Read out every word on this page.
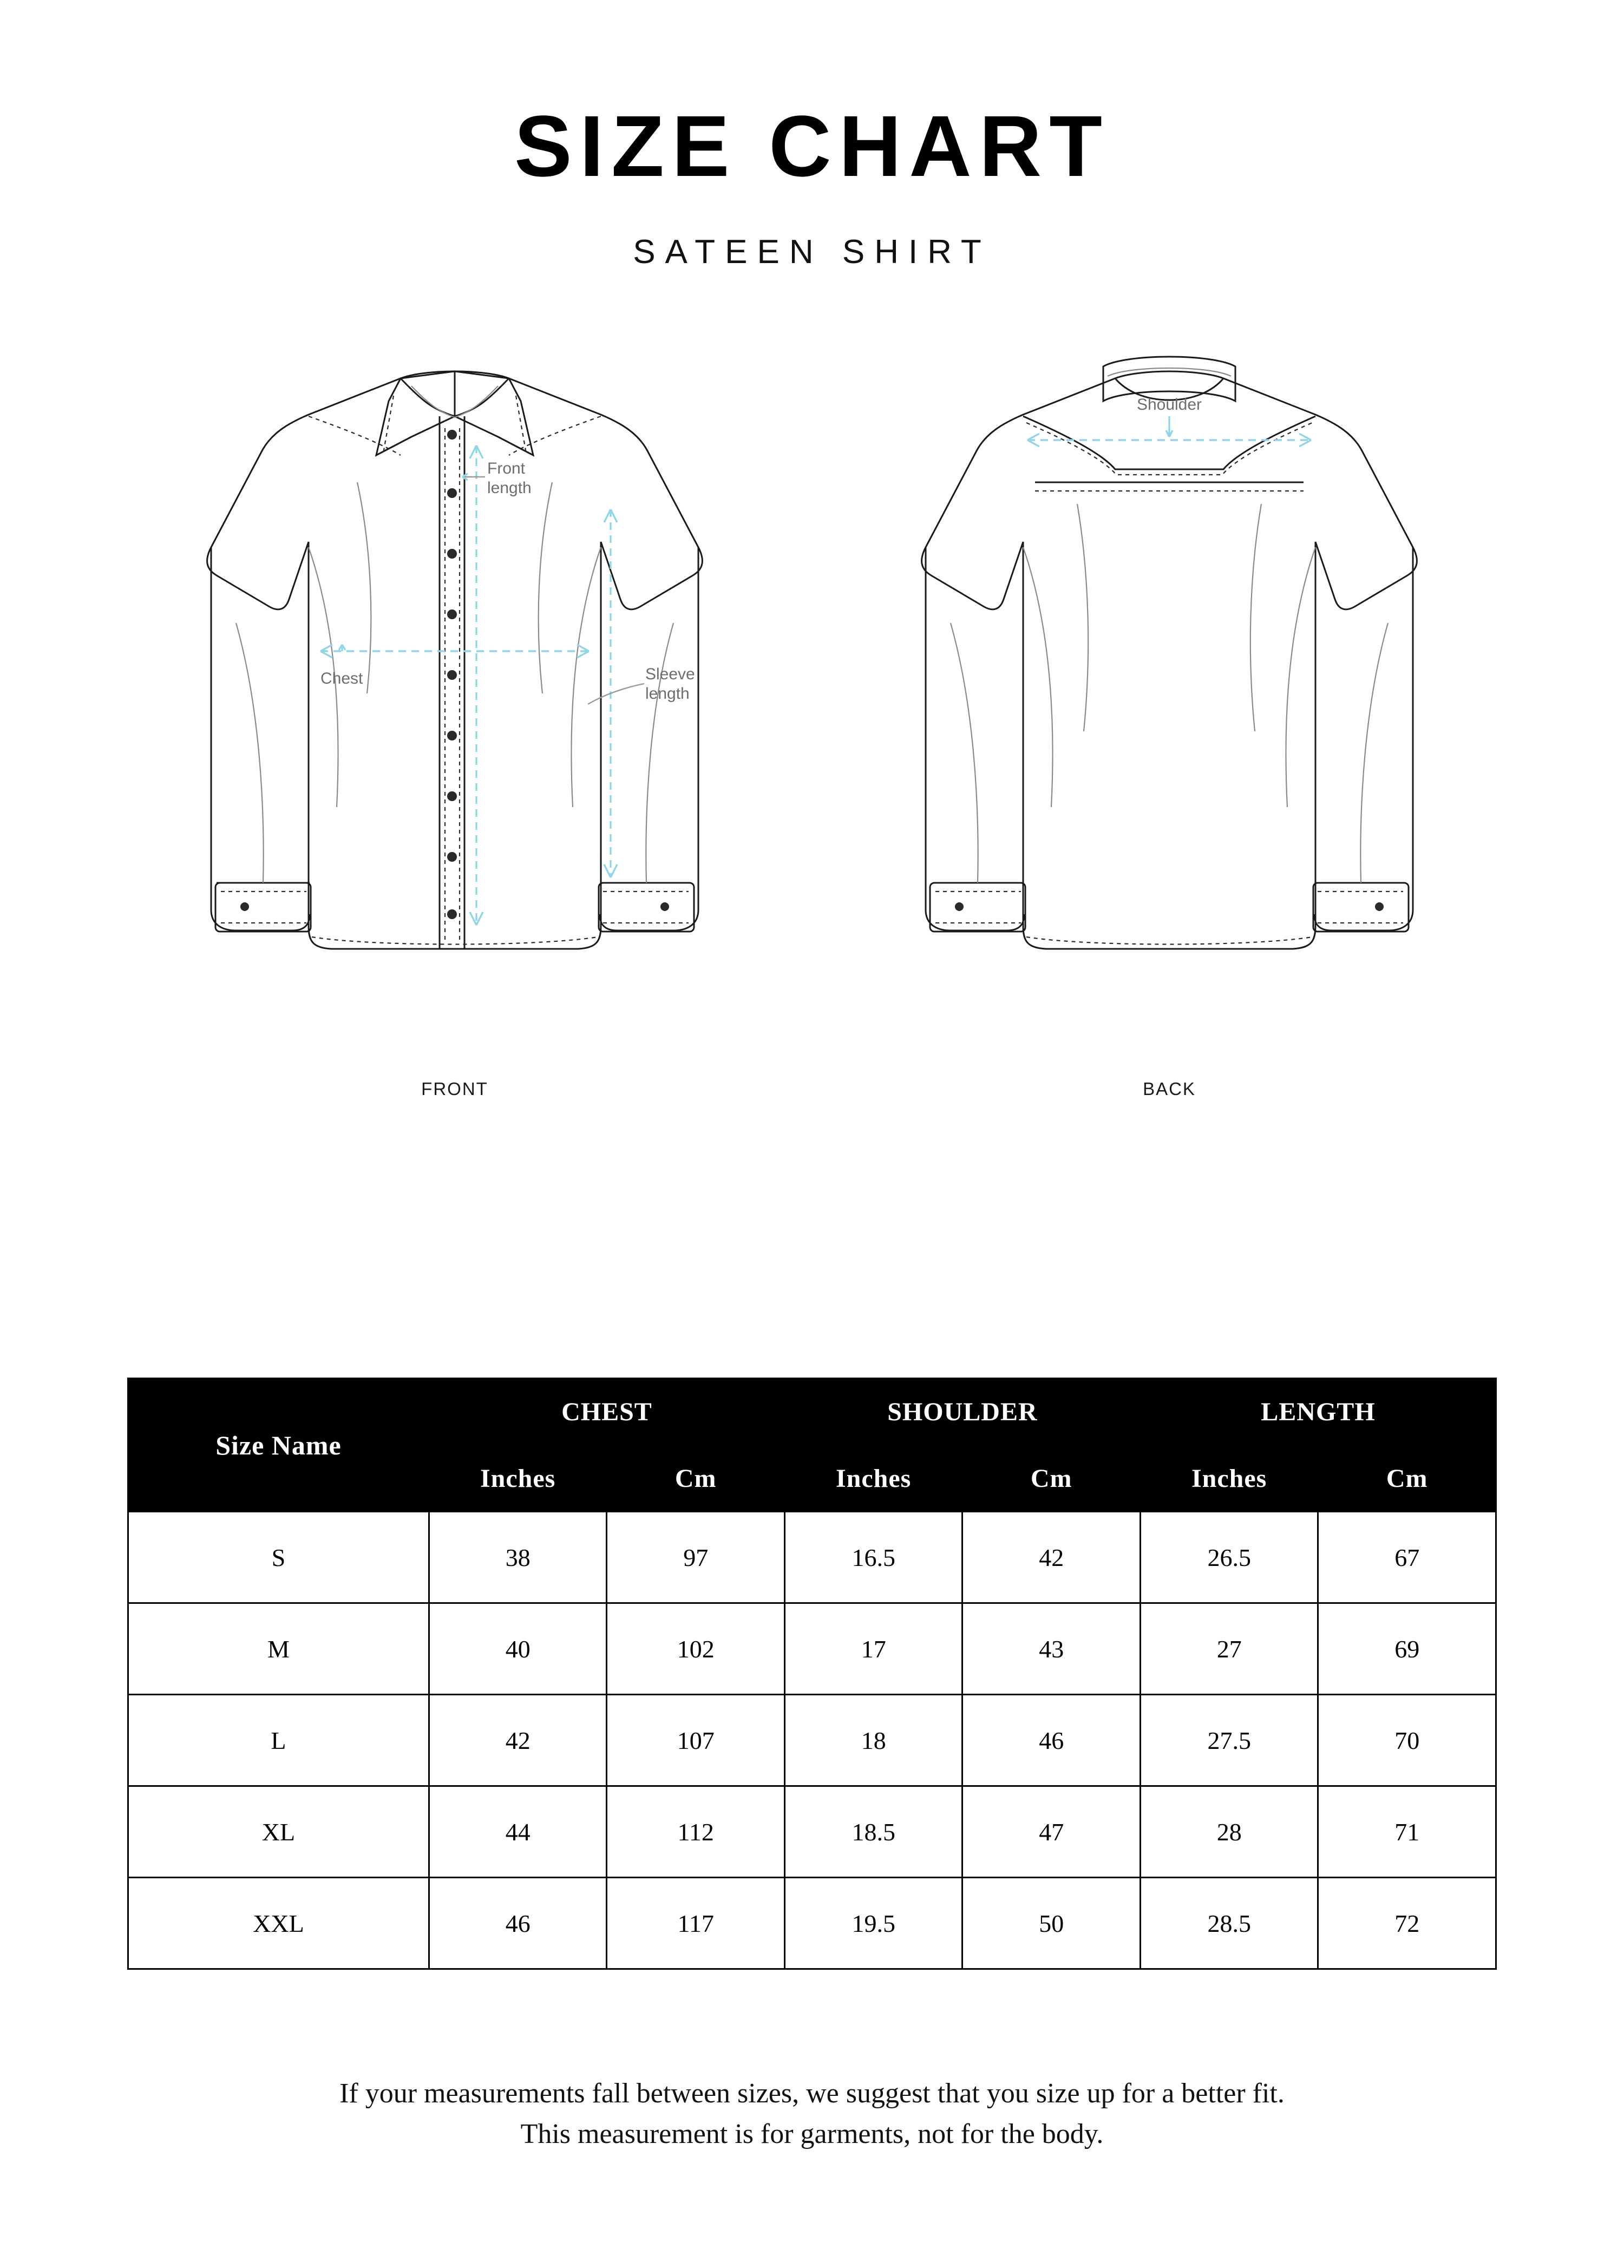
SIZE CHART
SATEEN SHIRT
Chest
Front
length
Sleeve
length
FRONT
Shoulder
BACK
Size Name	CHEST		SHOULDER		LENGTH	
	Inches	Cm	Inches	Cm	Inches	Cm
S	38	97	16.5	42	26.5	67
M	40	102	17	43	27	69
L	42	107	18	46	27.5	70
XL	44	112	18.5	47	28	71
XXL	46	117	19.5	50	28.5	72
If your measurements fall between sizes, we suggest that you size up for a better fit.
This measurement is for garments, not for the body.
